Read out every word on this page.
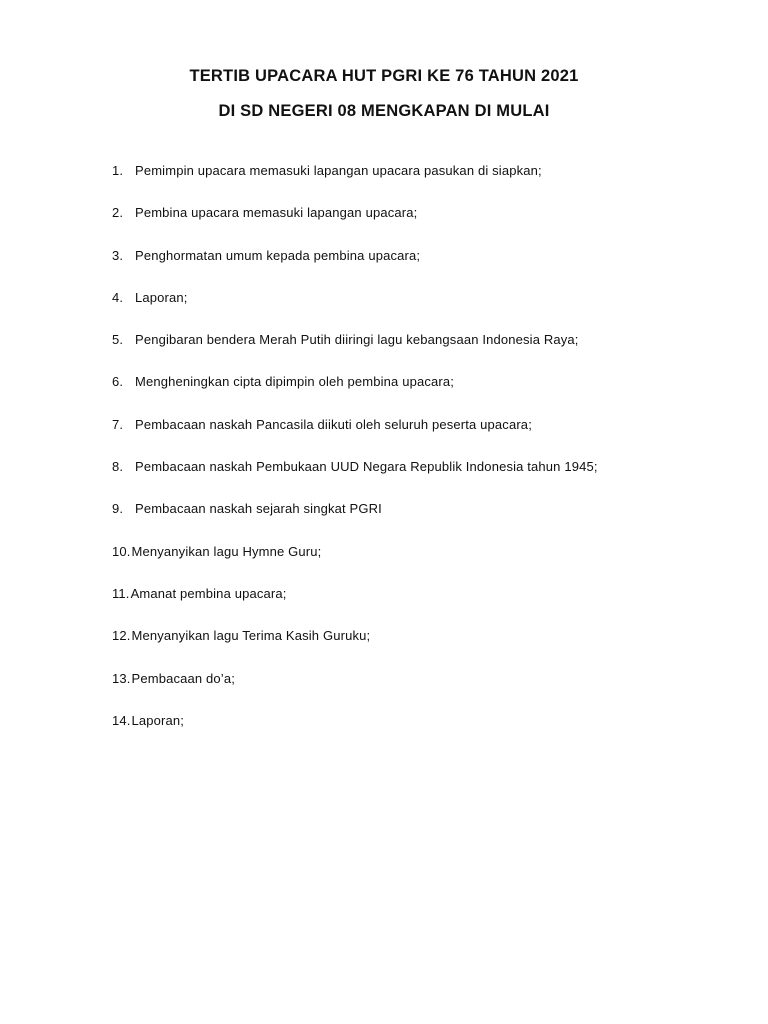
TERTIB UPACARA HUT PGRI KE 76 TAHUN 2021
DI SD NEGERI 08 MENGKAPAN DI MULAI
1. Pemimpin upacara memasuki lapangan upacara pasukan di siapkan;
2. Pembina upacara memasuki lapangan upacara;
3. Penghormatan umum kepada pembina upacara;
4. Laporan;
5. Pengibaran bendera Merah Putih diiringi lagu kebangsaan Indonesia Raya;
6. Mengheningkan cipta dipimpin oleh pembina upacara;
7. Pembacaan naskah Pancasila diikuti oleh seluruh peserta upacara;
8. Pembacaan naskah Pembukaan UUD Negara Republik Indonesia tahun 1945;
9. Pembacaan naskah sejarah singkat PGRI
10. Menyanyikan lagu Hymne Guru;
11. Amanat pembina upacara;
12. Menyanyikan lagu Terima Kasih Guruku;
13. Pembacaan do’a;
14. Laporan;
